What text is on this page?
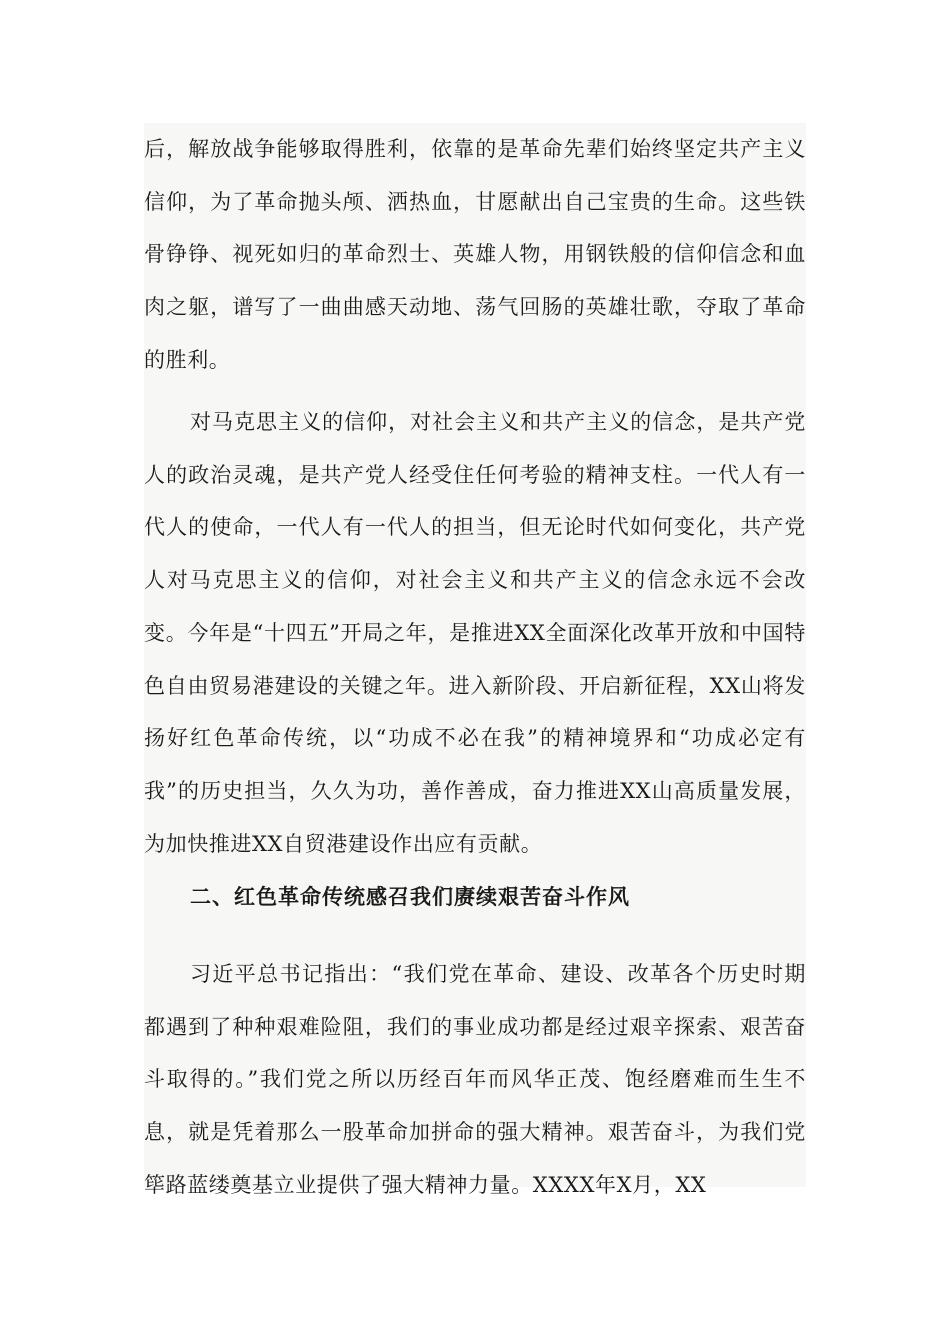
后，解放战争能够取得胜利，依靠的是革命先辈们始终坚定共产主义信仰，为了革命抛头颅、洒热血，甘愿献出自己宝贵的生命。这些铁骨铮铮、视死如归的革命烈士、英雄人物，用钢铁般的信仰信念和血肉之躯，谱写了一曲曲感天动地、荡气回肠的英雄壮歌，夺取了革命的胜利。

对马克思主义的信仰，对社会主义和共产主义的信念，是共产党人的政治灵魂，是共产党人经受住任何考验的精神支柱。一代人有一代人的使命，一代人有一代人的担当，但无论时代如何变化，共产党人对马克思主义的信仰，对社会主义和共产主义的信念永远不会改变。今年是“十四五”开局之年，是推进XX全面深化改革开放和中国特色自由贸易港建设的关键之年。进入新阶段、开启新征程，XX山将发扬好红色革命传统，以“功成不必在我”的精神境界和“功成必定有我”的历史担当，久久为功，善作善成，奋力推进XX山高质量发展，为加快推进XX自贸港建设作出应有贡献。

二、红色革命传统感召我们赓续艰苦奋斗作风

习近平总书记指出：“我们党在革命、建设、改革各个历史时期都遇到了种种艰难险阻，我们的事业成功都是经过艰辛探索、艰苦奋斗取得的。”我们党之所以历经百年而风华正茂、饱经磨难而生生不息，就是凭着那么一股革命加拼命的强大精神。艰苦奋斗，为我们党筚路蓝缕奠基立业提供了强大精神力量。XXXX年X月，XX
